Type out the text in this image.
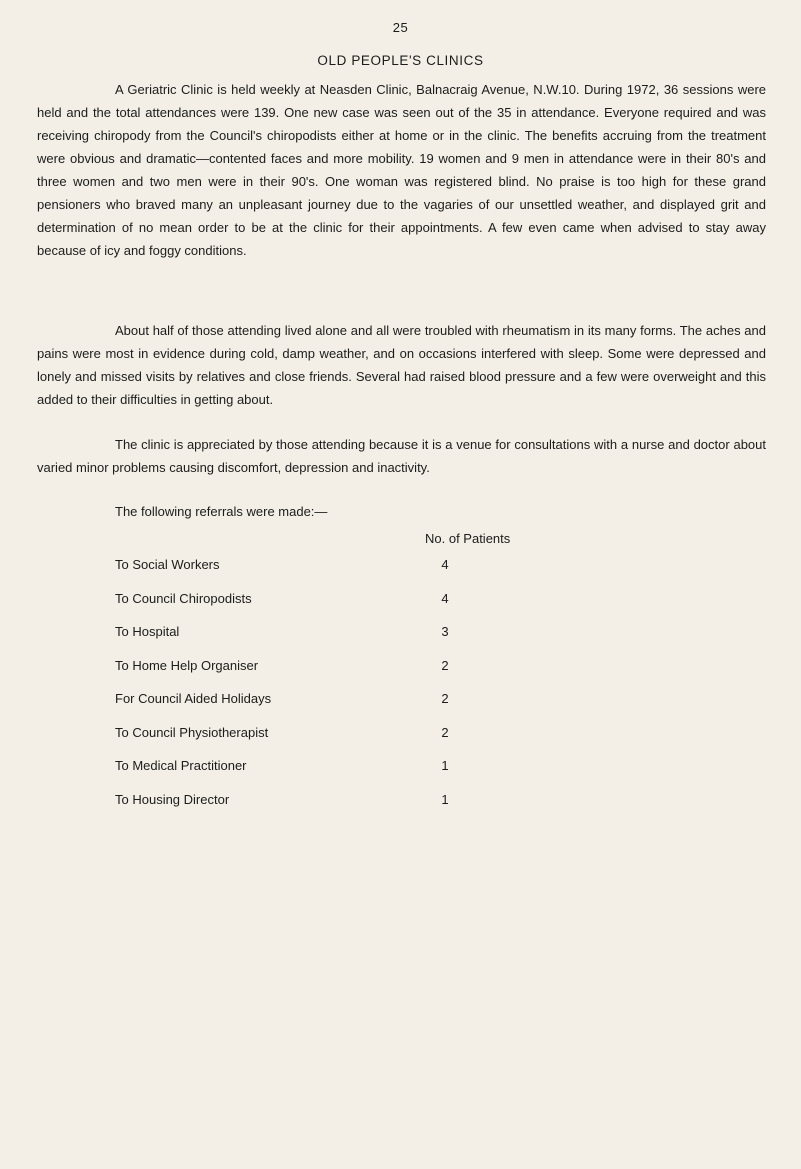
25
OLD PEOPLE'S CLINICS

A Geriatric Clinic is held weekly at Neasden Clinic, Balnacraig Avenue, N.W.10. During 1972, 36 sessions were held and the total attendances were 139. One new case was seen out of the 35 in attendance. Everyone required and was receiving chiropody from the Council's chiropodists either at home or in the clinic. The benefits accruing from the treatment were obvious and dramatic—contented faces and more mobility. 19 women and 9 men in attendance were in their 80's and three women and two men were in their 90's. One woman was registered blind. No praise is too high for these grand pensioners who braved many an unpleasant journey due to the vagaries of our unsettled weather, and displayed grit and determination of no mean order to be at the clinic for their appointments. A few even came when advised to stay away because of icy and foggy conditions.

About half of those attending lived alone and all were troubled with rheumatism in its many forms. The aches and pains were most in evidence during cold, damp weather, and on occasions interfered with sleep. Some were depressed and lonely and missed visits by relatives and close friends. Several had raised blood pressure and a few were overweight and this added to their difficulties in getting about.

The clinic is appreciated by those attending because it is a venue for consultations with a nurse and doctor about varied minor problems causing discomfort, depression and inactivity.

The following referrals were made:—
No. of Patients
To Social Workers	4
To Council Chiropodists	4
To Hospital	3
To Home Help Organiser	2
For Council Aided Holidays	2
To Council Physiotherapist	2
To Medical Practitioner	1
To Housing Director	1
